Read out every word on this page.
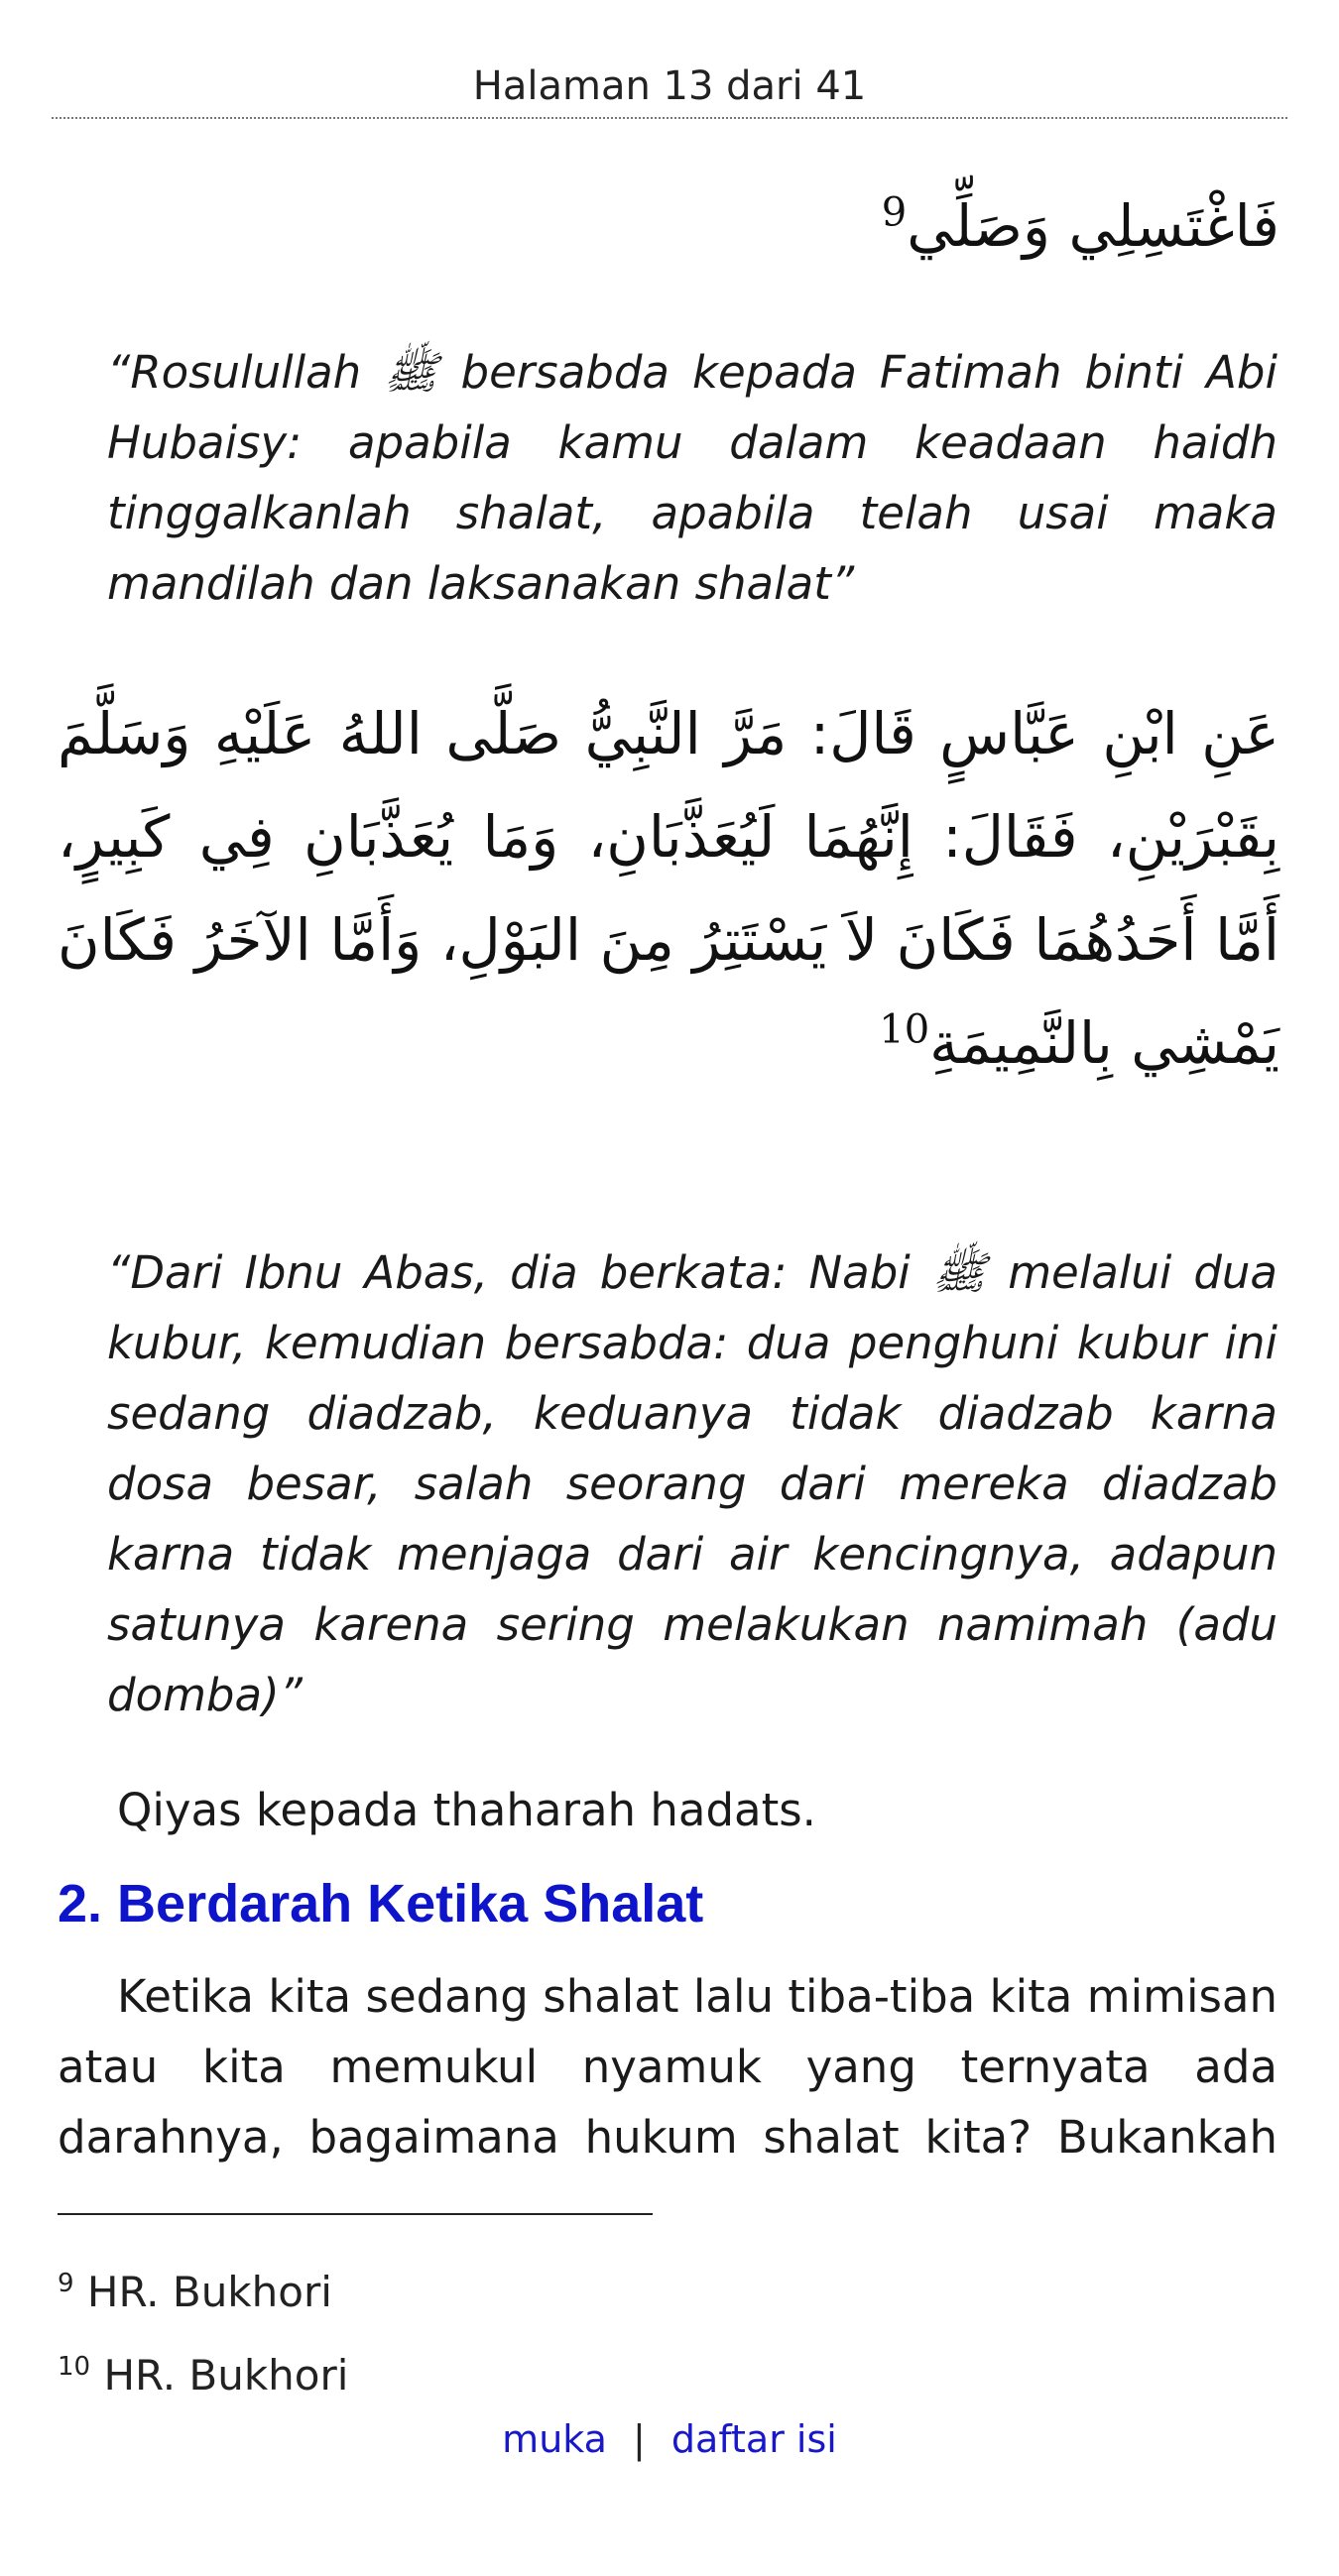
Halaman 13 dari 41
فَاغْتَسِلِي وَصَلِّي$^9$
“Rosulullah ﷺ bersabda kepada Fatimah binti Abi Hubaisy: apabila kamu dalam keadaan haidh tinggalkanlah shalat, apabila telah usai maka mandilah dan laksanakan shalat”
عَنِ ابْنِ عَبَّاسٍ قَالَ: مَرَّ النَّبِيُّ صَلَّى اللهُ عَلَيْهِ وَسَلَّمَ بِقَبْرَيْنِ، فَقَالَ: إِنَّهُمَا لَيُعَذَّبَانِ، وَمَا يُعَذَّبَانِ فِي كَبِيرٍ، أَمَّا أَحَدُهُمَا فَكَانَ لاَ يَسْتَتِرُ مِنَ البَوْلِ، وَأَمَّا الآخَرُ فَكَانَ يَمْشِي بِالنَّمِيمَةِ$^{10}$
“Dari Ibnu Abas, dia berkata: Nabi ﷺ melalui dua kubur, kemudian bersabda: dua penghuni kubur ini sedang diadzab, keduanya tidak diadzab karna dosa besar, salah seorang dari mereka diadzab karna tidak menjaga dari air kencingnya, adapun satunya karena sering melakukan namimah (adu domba)”
Qiyas kepada thaharah hadats.
2. Berdarah Ketika Shalat
Ketika kita sedang shalat lalu tiba-tiba kita mimisan atau kita memukul nyamuk yang ternyata ada darahnya, bagaimana hukum shalat kita? Bukankah
$^9$ HR. Bukhori
$^{10}$ HR. Bukhori
muka | daftar isi
